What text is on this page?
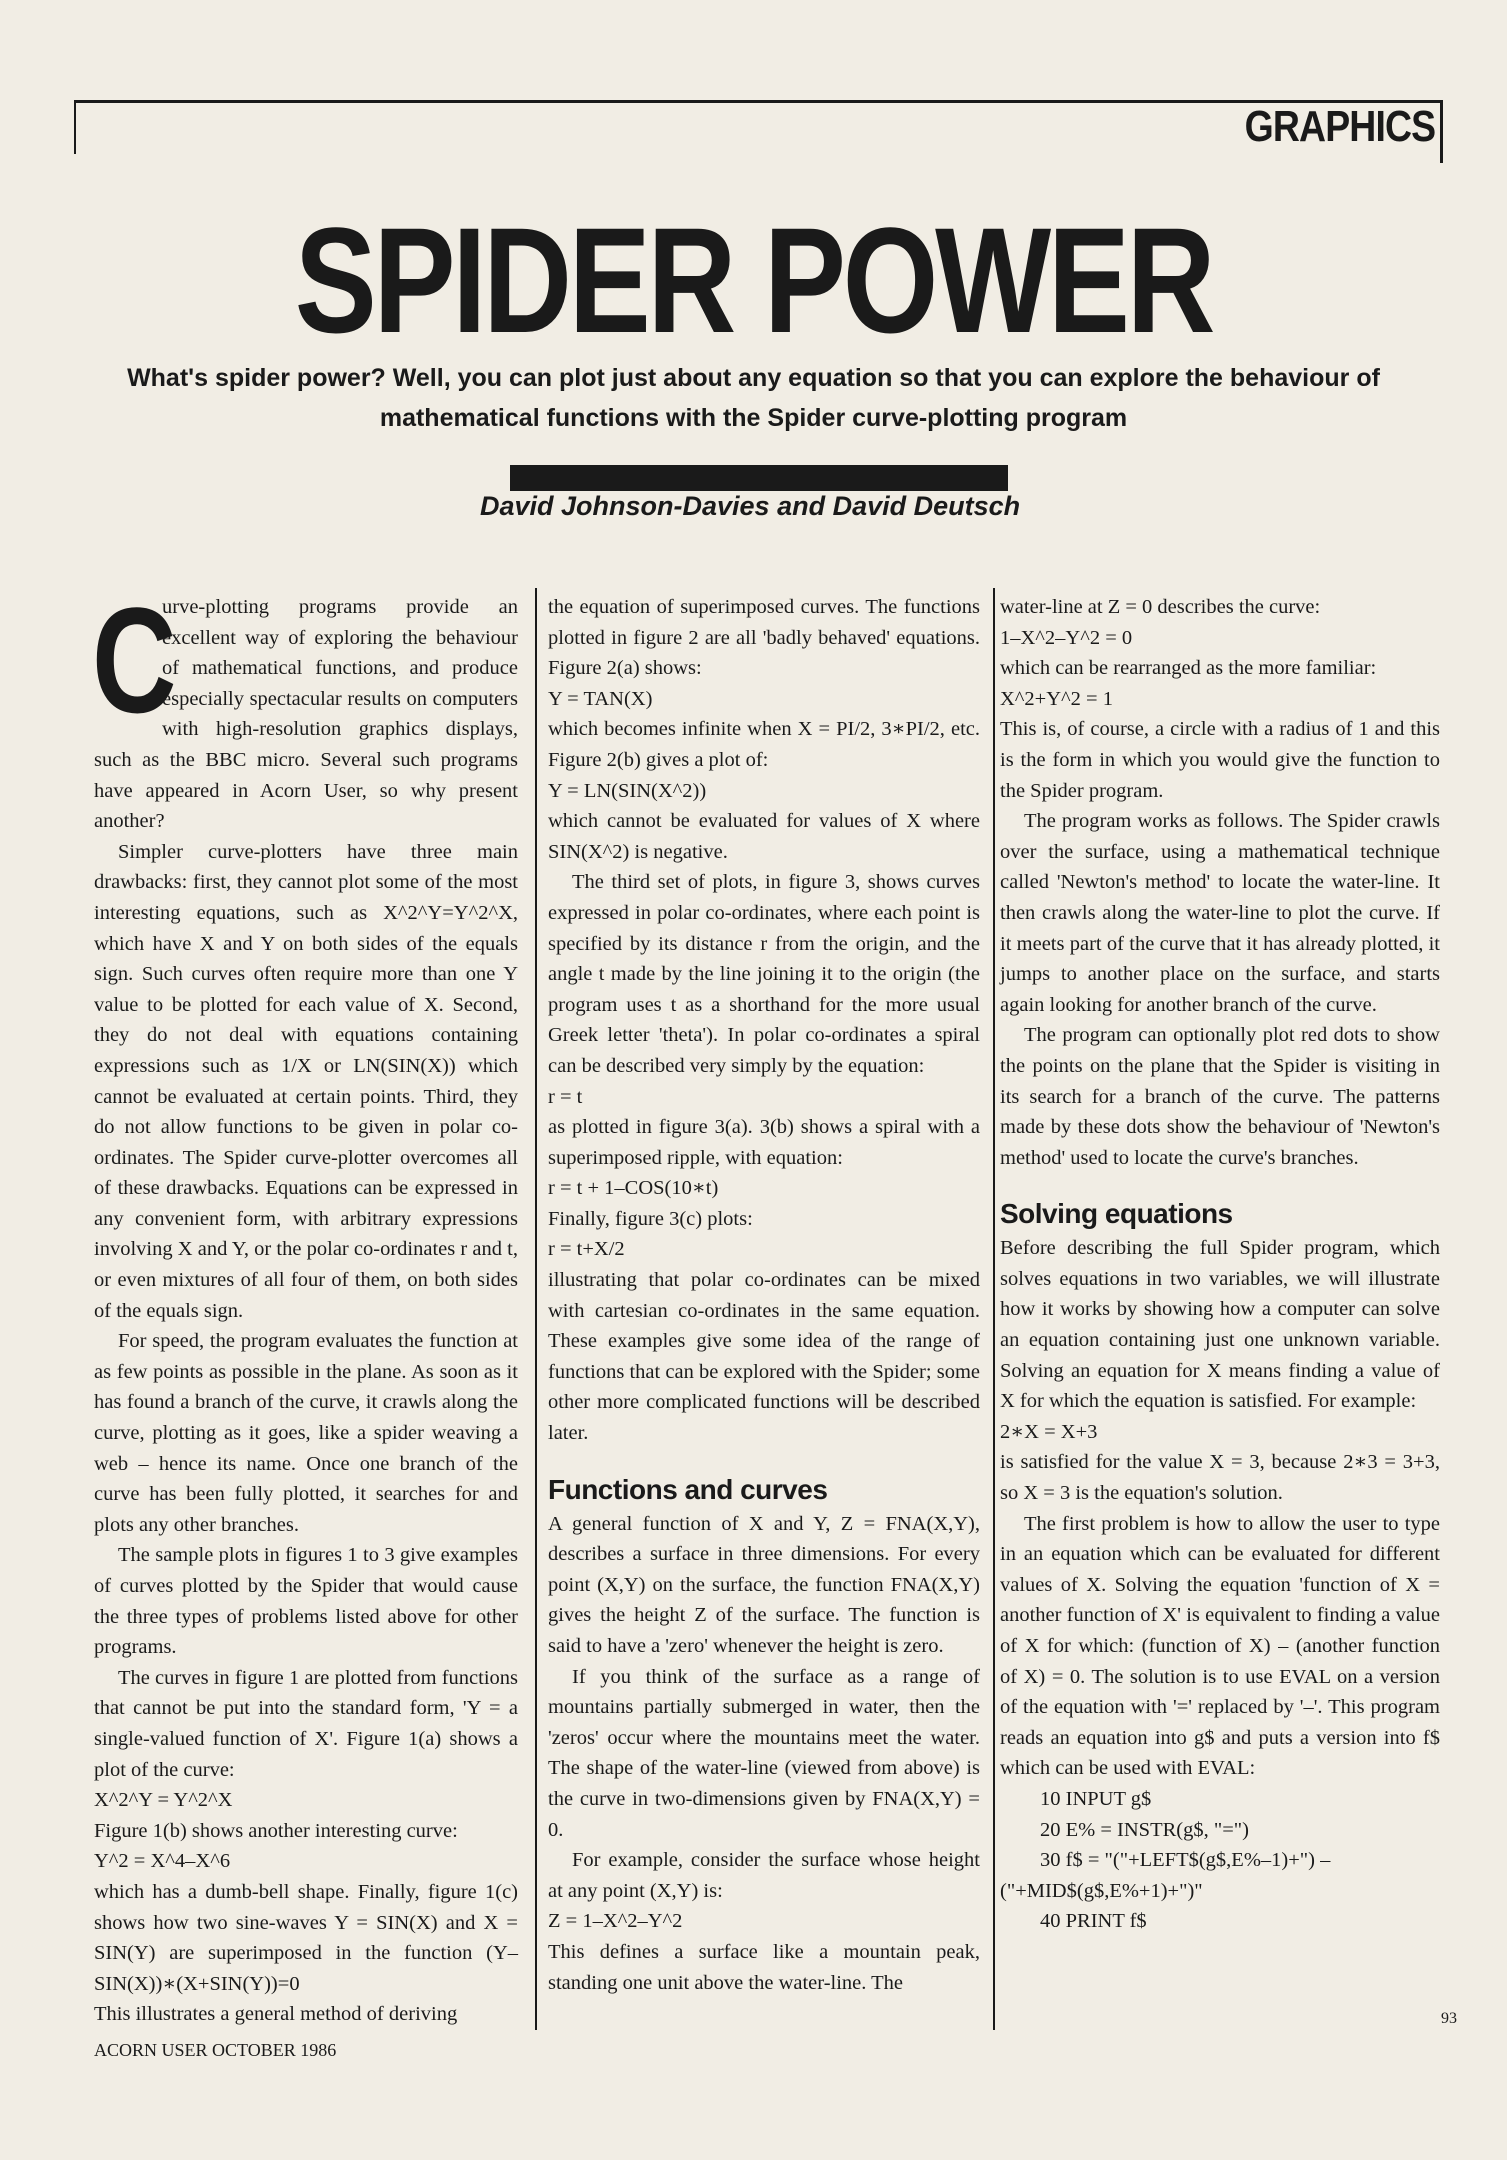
GRAPHICS
SPIDER POWER
What's spider power? Well, you can plot just about any equation so that you can explore the behaviour of mathematical functions with the Spider curve-plotting program
David Johnson-Davies and David Deutsch

C
urve-plotting programs provide an excellent way of exploring the behaviour of mathematical functions, and produce especially spectacular results on computers with high-resolution graphics displays, such as the BBC micro. Several such programs have appeared in Acorn User, so why present another?

Simpler curve-plotters have three main drawbacks: first, they cannot plot some of the most interesting equations, such as X^2^Y=Y^2^X, which have X and Y on both sides of the equals sign. Such curves often require more than one Y value to be plotted for each value of X. Second, they do not deal with equations containing expressions such as 1/X or LN(SIN(X)) which cannot be evaluated at certain points. Third, they do not allow functions to be given in polar co-ordinates. The Spider curve-plotter overcomes all of these drawbacks. Equations can be expressed in any convenient form, with arbitrary expressions involving X and Y, or the polar co-ordinates r and t, or even mixtures of all four of them, on both sides of the equals sign.

For speed, the program evaluates the function at as few points as possible in the plane. As soon as it has found a branch of the curve, it crawls along the curve, plotting as it goes, like a spider weaving a web – hence its name. Once one branch of the curve has been fully plotted, it searches for and plots any other branches.

The sample plots in figures 1 to 3 give examples of curves plotted by the Spider that would cause the three types of problems listed above for other programs.

The curves in figure 1 are plotted from functions that cannot be put into the standard form, 'Y = a single-valued function of X'. Figure 1(a) shows a plot of the curve:

X^2^Y = Y^2^X
Figure 1(b) shows another interesting curve:
Y^2 = X^4–X^6

which has a dumb-bell shape. Finally, figure 1(c) shows how two sine-waves Y = SIN(X) and X = SIN(Y) are superimposed in the function (Y–SIN(X))∗(X+SIN(Y))=0

This illustrates a general method of deriving

the equation of superimposed curves. The functions plotted in figure 2 are all 'badly behaved' equations. Figure 2(a) shows:

Y = TAN(X)

which becomes infinite when X = PI/2, 3∗PI/2, etc. Figure 2(b) gives a plot of:

Y = LN(SIN(X^2))

which cannot be evaluated for values of X where SIN(X^2) is negative.

The third set of plots, in figure 3, shows curves expressed in polar co-ordinates, where each point is specified by its distance r from the origin, and the angle t made by the line joining it to the origin (the program uses t as a shorthand for the more usual Greek letter 'theta'). In polar co-ordinates a spiral can be described very simply by the equation:

r = t

as plotted in figure 3(a). 3(b) shows a spiral with a superimposed ripple, with equation:

r = t + 1–COS(10∗t)
Finally, figure 3(c) plots:
r = t+X/2

illustrating that polar co-ordinates can be mixed with cartesian co-ordinates in the same equation. These examples give some idea of the range of functions that can be explored with the Spider; some other more complicated functions will be described later.

Functions and curves

A general function of X and Y, Z = FNA(X,Y), describes a surface in three dimensions. For every point (X,Y) on the surface, the function FNA(X,Y) gives the height Z of the surface. The function is said to have a 'zero' whenever the height is zero.

If you think of the surface as a range of mountains partially submerged in water, then the 'zeros' occur where the mountains meet the water. The shape of the water-line (viewed from above) is the curve in two-dimensions given by FNA(X,Y) = 0.

For example, consider the surface whose height at any point (X,Y) is:

Z = 1–X^2–Y^2

This defines a surface like a mountain peak, standing one unit above the water-line. The

water-line at Z = 0 describes the curve:
1–X^2–Y^2 = 0
which can be rearranged as the more familiar:
X^2+Y^2 = 1

This is, of course, a circle with a radius of 1 and this is the form in which you would give the function to the Spider program.

The program works as follows. The Spider crawls over the surface, using a mathematical technique called 'Newton's method' to locate the water-line. It then crawls along the water-line to plot the curve. If it meets part of the curve that it has already plotted, it jumps to another place on the surface, and starts again looking for another branch of the curve.

The program can optionally plot red dots to show the points on the plane that the Spider is visiting in its search for a branch of the curve. The patterns made by these dots show the behaviour of 'Newton's method' used to locate the curve's branches.

Solving equations

Before describing the full Spider program, which solves equations in two variables, we will illustrate how it works by showing how a computer can solve an equation containing just one unknown variable. Solving an equation for X means finding a value of X for which the equation is satisfied. For example:

2∗X = X+3

is satisfied for the value X = 3, because 2∗3 = 3+3, so X = 3 is the equation's solution.

The first problem is how to allow the user to type in an equation which can be evaluated for different values of X. Solving the equation 'function of X = another function of X' is equivalent to finding a value of X for which: (function of X) – (another function of X) = 0. The solution is to use EVAL on a version of the equation with '=' replaced by '–'. This program reads an equation into g$ and puts a version into f$ which can be used with EVAL:

10 INPUT g$
20 E% = INSTR(g$, "=")
30 f$ = "("+LEFT$(g$,E%–1)+") –
("+MID$(g$,E%+1)+")"
40 PRINT f$
ACORN USER OCTOBER 1986
93
